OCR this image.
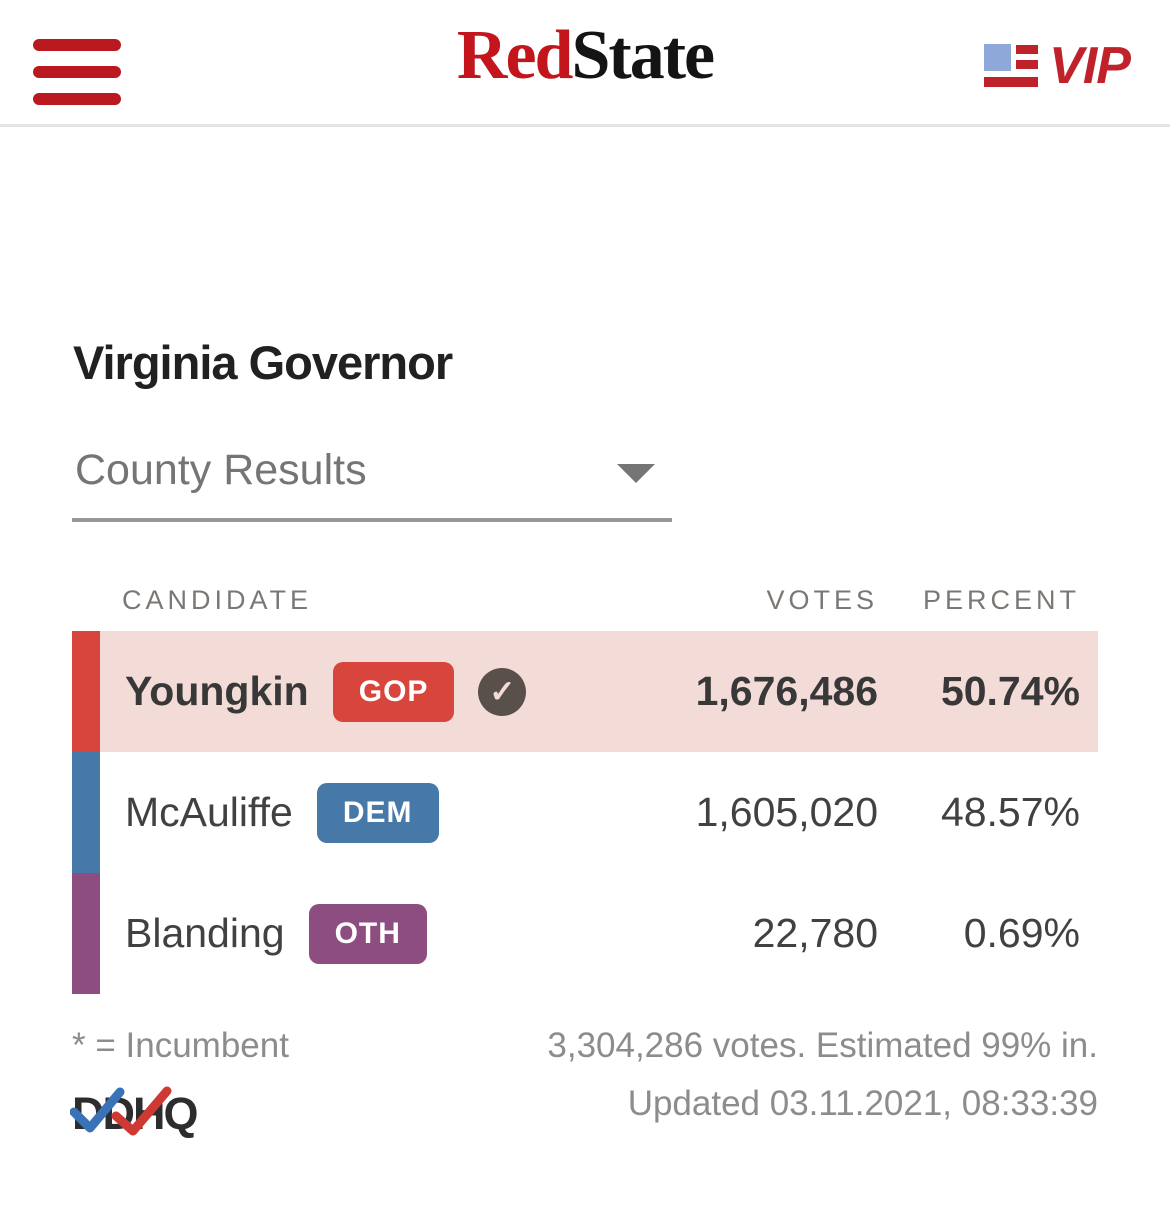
RedState	VIP
Virginia Governor
County Results
CANDIDATE	VOTES PERCENT
Youngkin	GOP	✓	1,676,486 50.74%
McAuliffe	DEM	1,605,020 48.57%
Blanding	OTH	22,780 0.69%
* = Incumbent	3,304,286 votes. Estimated 99% in.
Updated 03.11.2021, 08:33:39
DDHQ
